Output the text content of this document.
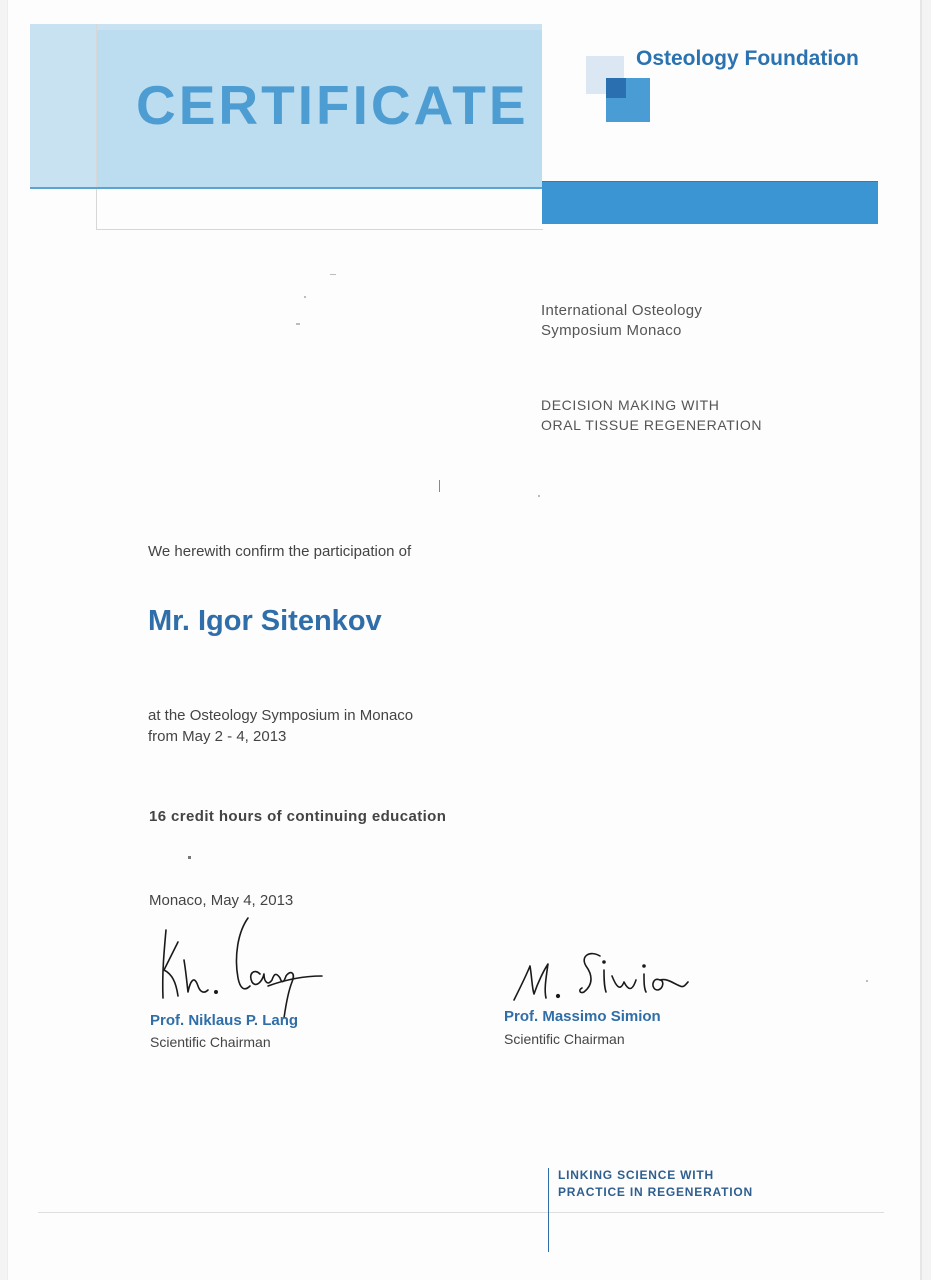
CERTIFICATE
Osteology Foundation
International Osteology
Symposium Monaco
DECISION MAKING WITH
ORAL TISSUE REGENERATION
We herewith confirm the participation of
Mr. Igor Sitenkov
at the Osteology Symposium in Monaco
from May 2 - 4, 2013
16 credit hours of continuing education
Monaco, May 4, 2013
Prof. Niklaus P. Lang
Scientific Chairman
Prof. Massimo Simion
Scientific Chairman
LINKING SCIENCE WITH
PRACTICE IN REGENERATION
